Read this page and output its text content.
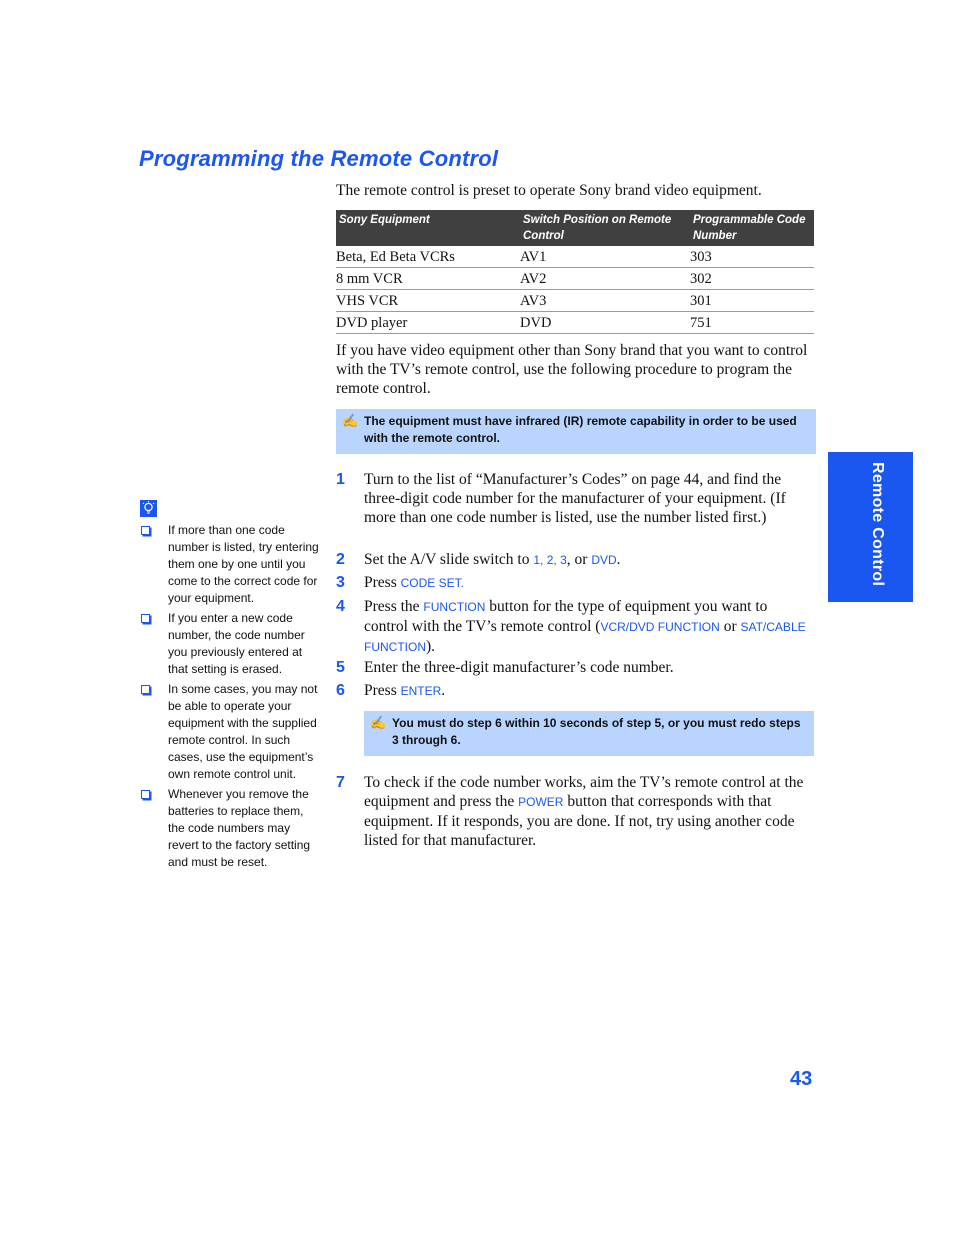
Programming the Remote Control
The remote control is preset to operate Sony brand video equipment.
Sony Equipment	Switch Position on Remote Control	Programmable Code Number
Beta, Ed Beta VCRs	AV1	303
8 mm VCR	AV2	302
VHS VCR	AV3	301
DVD player	DVD	751
If you have video equipment other than Sony brand that you want to control with the TV’s remote control, use the following procedure to program the remote control.
✍ The equipment must have infrared (IR) remote capability in order to be used with the remote control.
1 Turn to the list of “Manufacturer’s Codes” on page 44, and find the three-digit code number for the manufacturer of your equipment. (If more than one code number is listed, use the number listed first.)
2 Set the A/V slide switch to 1, 2, 3, or DVD.
3 Press CODE SET.
4 Press the FUNCTION button for the type of equipment you want to control with the TV’s remote control (VCR/DVD FUNCTION or SAT/CABLE FUNCTION).
5 Enter the three-digit manufacturer’s code number.
6 Press ENTER.
7 To check if the code number works, aim the TV’s remote control at the equipment and press the POWER button that corresponds with that equipment. If it responds, you are done. If not, try using another code listed for that manufacturer.
✍ You must do step 6 within 10 seconds of step 5, or you must redo steps 3 through 6.
Remote Control
If more than one code number is listed, try entering them one by one until you come to the correct code for your equipment.
If you enter a new code number, the code number you previously entered at that setting is erased.
In some cases, you may not be able to operate your equipment with the supplied remote control. In such cases, use the equipment’s own remote control unit.
Whenever you remove the batteries to replace them, the code numbers may revert to the factory setting and must be reset.
43
